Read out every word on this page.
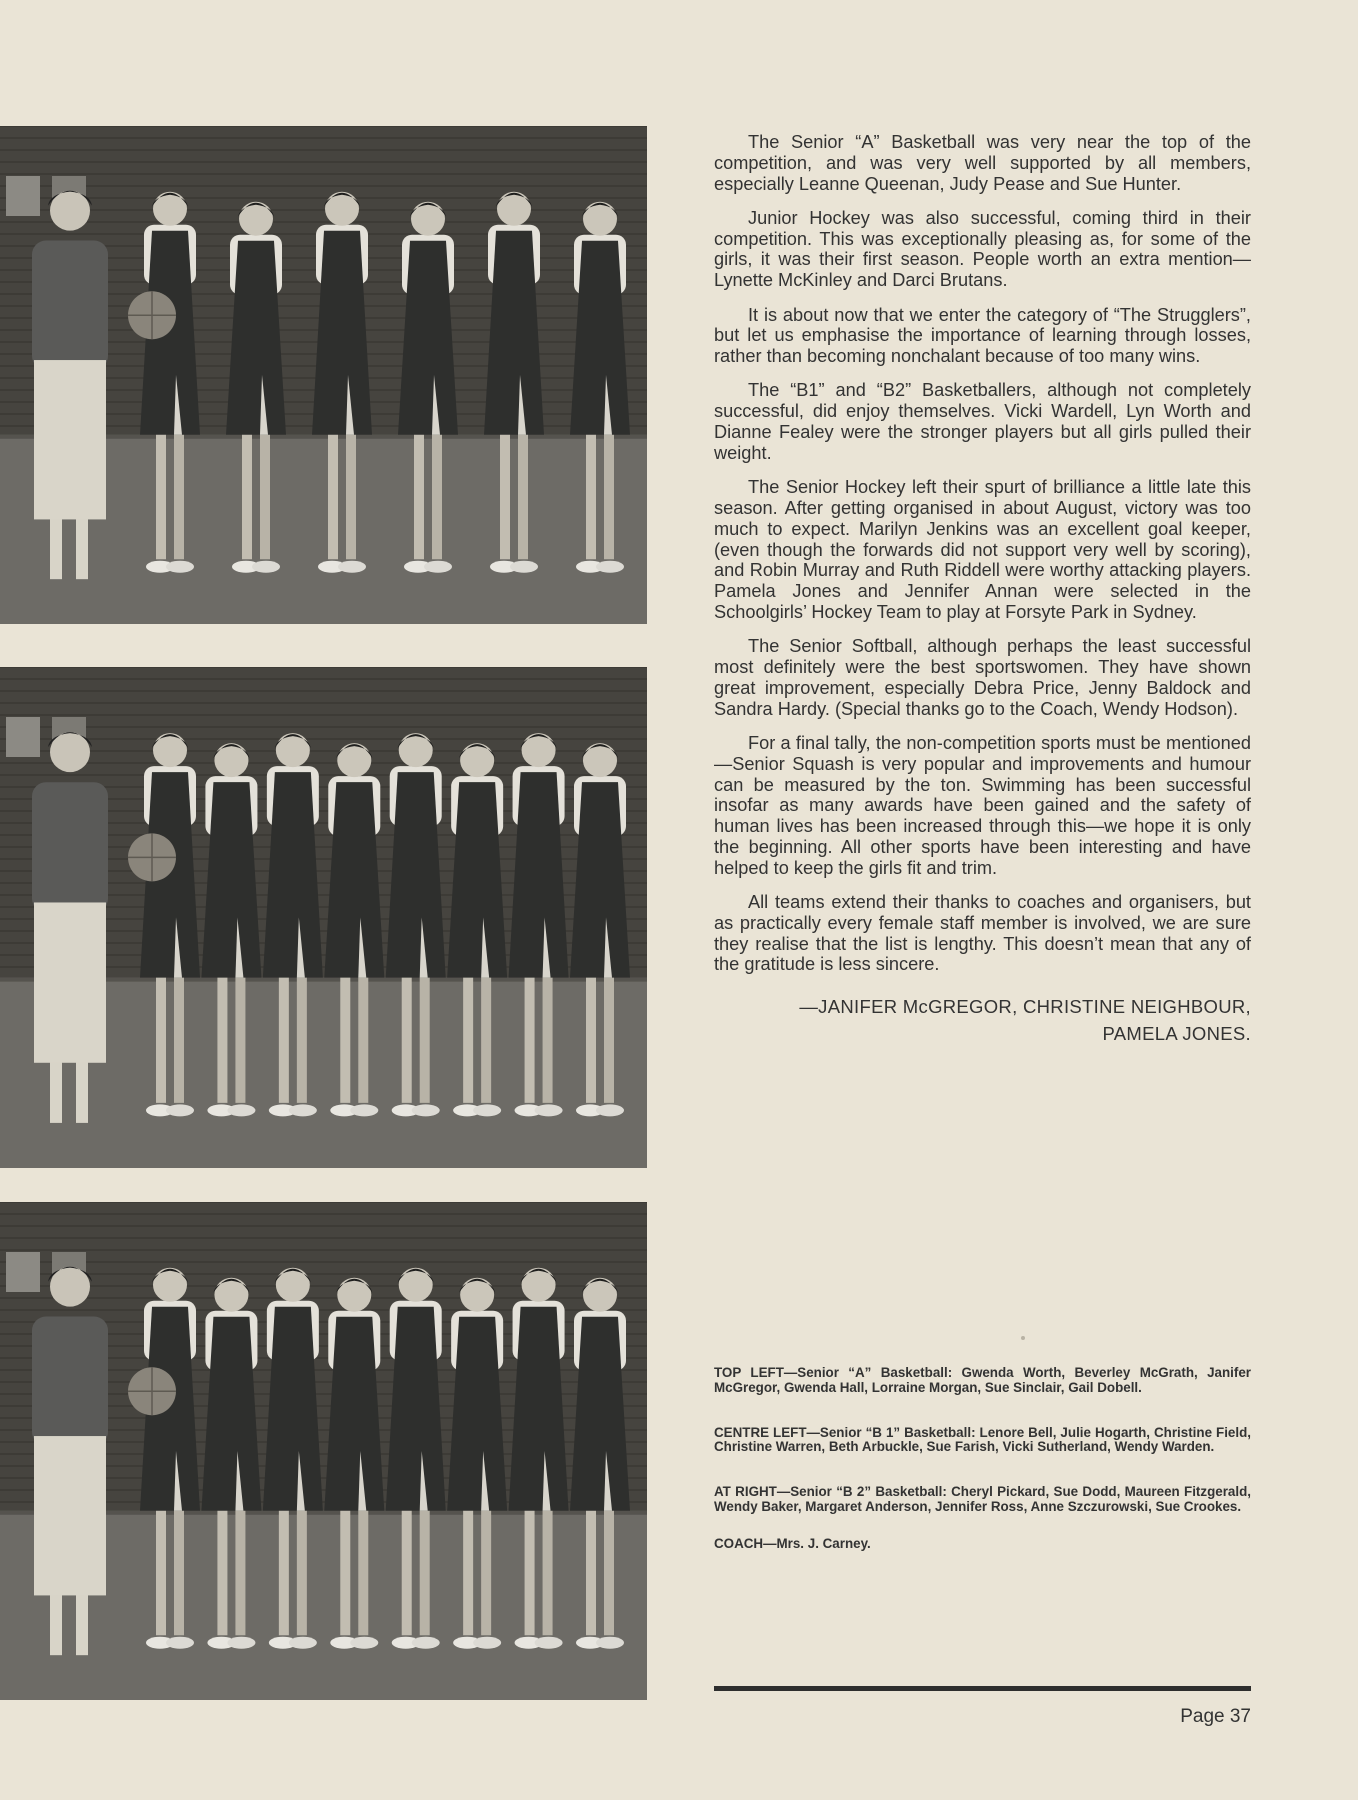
The Senior “A” Basketball was very near the top of the competition, and was very well supported by all members, especially Leanne Queenan, Judy Pease and Sue Hunter.

Junior Hockey was also successful, coming third in their competition. This was exceptionally pleasing as, for some of the girls, it was their first season. People worth an extra mention—Lynette McKinley and Darci Brutans.

It is about now that we enter the category of “The Strugglers”, but let us emphasise the importance of learning through losses, rather than becoming nonchalant because of too many wins.

The “B1” and “B2” Basketballers, although not completely successful, did enjoy themselves. Vicki Wardell, Lyn Worth and Dianne Fealey were the stronger players but all girls pulled their weight.

The Senior Hockey left their spurt of brilliance a little late this season. After getting organised in about August, victory was too much to expect. Marilyn Jenkins was an excellent goal keeper, (even though the forwards did not support very well by scoring), and Robin Murray and Ruth Riddell were worthy attacking players. Pamela Jones and Jennifer Annan were selected in the Schoolgirls’ Hockey Team to play at Forsyte Park in Sydney.

The Senior Softball, although perhaps the least successful most definitely were the best sportswomen. They have shown great improvement, especially Debra Price, Jenny Baldock and Sandra Hardy. (Special thanks go to the Coach, Wendy Hodson).

For a final tally, the non-competition sports must be mentioned—Senior Squash is very popular and improvements and humour can be measured by the ton. Swimming has been successful insofar as many awards have been gained and the safety of human lives has been increased through this—we hope it is only the beginning. All other sports have been interesting and have helped to keep the girls fit and trim.

All teams extend their thanks to coaches and organisers, but as practically every female staff member is involved, we are sure they realise that the list is lengthy. This doesn’t mean that any of the gratitude is less sincere.

—JANIFER McGREGOR, CHRISTINE NEIGHBOUR,
PAMELA JONES.

TOP LEFT—Senior “A” Basketball: Gwenda Worth, Beverley McGrath, Janifer McGregor, Gwenda Hall, Lorraine Morgan, Sue Sinclair, Gail Dobell.

CENTRE LEFT—Senior “B 1” Basketball: Lenore Bell, Julie Hogarth, Christine Field, Christine Warren, Beth Arbuckle, Sue Farish, Vicki Sutherland, Wendy Warden.

AT RIGHT—Senior “B 2” Basketball: Cheryl Pickard, Sue Dodd, Maureen Fitzgerald, Wendy Baker, Margaret Anderson, Jennifer Ross, Anne Szczurowski, Sue Crookes.

COACH—Mrs. J. Carney.

Page 37
